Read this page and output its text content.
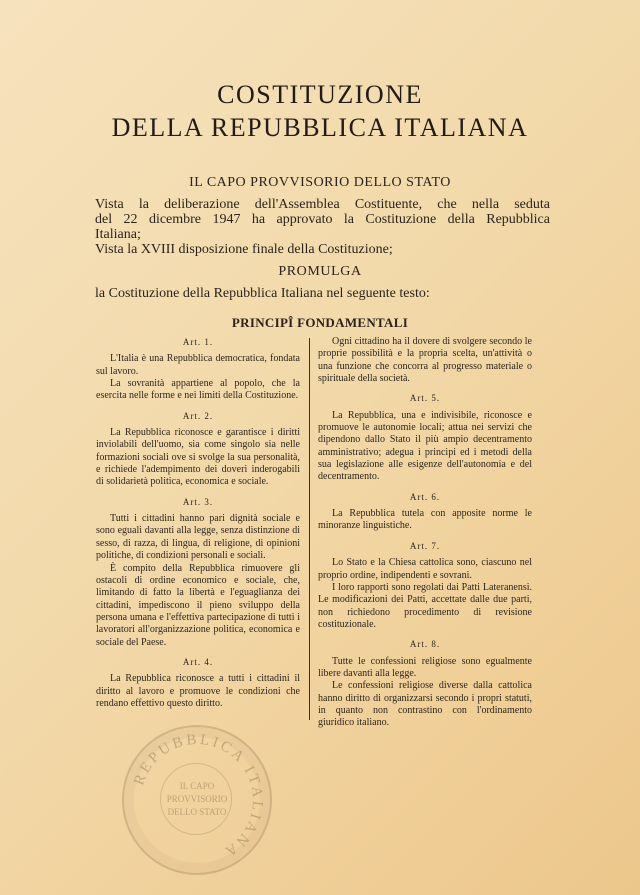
COSTITUZIONE
DELLA REPUBBLICA ITALIANA
IL CAPO PROVVISORIO DELLO STATO
Vista la deliberazione dell'Assemblea Costituente, che nella seduta
del 22 dicembre 1947 ha approvato la Costituzione della Repubblica
Italiana;
Vista la XVIII disposizione finale della Costituzione;
PROMULGA
la Costituzione della Repubblica Italiana nel seguente testo:
PRINCIPÎ FONDAMENTALI

Art. 1.

L'Italia è una Repubblica democratica, fondata sul lavoro.

La sovranità appartiene al popolo, che la esercita nelle forme e nei limiti della Costituzione.

Art. 2.

La Repubblica riconosce e garantisce i diritti inviolabili dell'uomo, sia come singolo sia nelle formazioni sociali ove si svolge la sua personalità, e richiede l'adempimento dei doveri inderogabili di solidarietà politica, economica e sociale.

Art. 3.

Tutti i cittadini hanno pari dignità sociale e sono eguali davanti alla legge, senza distinzione di sesso, di razza, di lingua, di religione, di opinioni politiche, di condizioni personali e sociali.

È compito della Repubblica rimuovere gli ostacoli di ordine economico e sociale, che, limitando di fatto la libertà e l'eguaglianza dei cittadini, impediscono il pieno sviluppo della persona umana e l'effettiva partecipazione di tutti i lavoratori all'organizzazione politica, economica e sociale del Paese.

Art. 4.

La Repubblica riconosce a tutti i cittadini il diritto al lavoro e promuove le condizioni che rendano effettivo questo diritto.

Ogni cittadino ha il dovere di svolgere secondo le proprie possibilità e la propria scelta, un'attività o una funzione che concorra al progresso materiale o spirituale della società.

Art. 5.

La Repubblica, una e indivisibile, riconosce e promuove le autonomie locali; attua nei servizi che dipendono dallo Stato il più ampio decentramento amministrativo; adegua i principi ed i metodi della sua legislazione alle esigenze dell'autonomia e del decentramento.

Art. 6.

La Repubblica tutela con apposite norme le minoranze linguistiche.

Art. 7.

Lo Stato e la Chiesa cattolica sono, ciascuno nel proprio ordine, indipendenti e sovrani.

I loro rapporti sono regolati dai Patti Lateranensi. Le modificazioni dei Patti, accettate dalle due parti, non richiedono procedimento di revisione costituzionale.

Art. 8.

Tutte le confessioni religiose sono egualmente libere davanti alla legge.

Le confessioni religiose diverse dalla cattolica hanno diritto di organizzarsi secondo i propri statuti, in quanto non contrastino con l'ordinamento giuridico italiano.

REPUBBLICA ITALIANA
IL CAPO
PROVVISORIO
DELLO STATO
